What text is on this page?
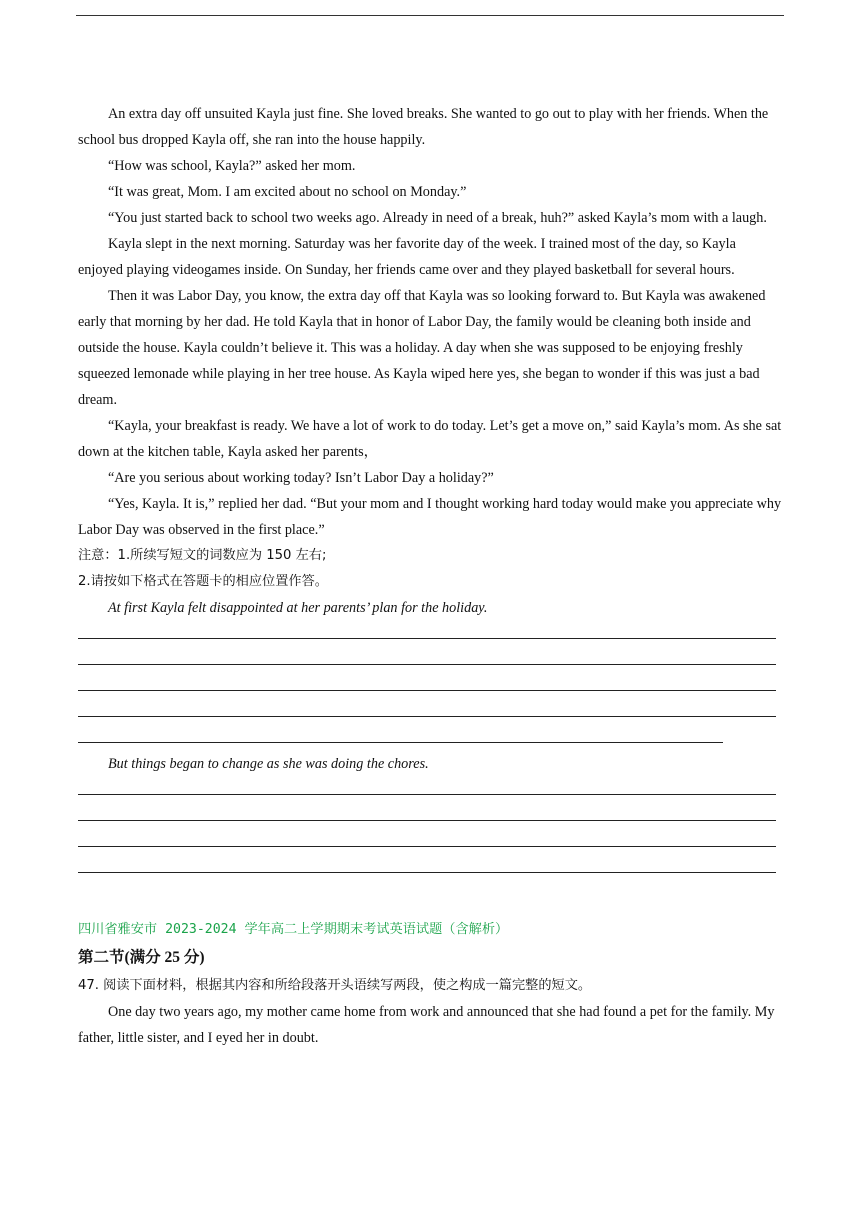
An extra day off unsuited Kayla just fine. She loved breaks. She wanted to go out to play with her friends. When the school bus dropped Kayla off, she ran into the house happily.

“How was school, Kayla?” asked her mom.

“It was great, Mom. I am excited about no school on Monday.”

“You just started back to school two weeks ago. Already in need of a break, huh?” asked Kayla’s mom with a laugh.

Kayla slept in the next morning. Saturday was her favorite day of the week. I trained most of the day, so Kayla enjoyed playing videogames inside. On Sunday, her friends came over and they played basketball for several hours.

Then it was Labor Day, you know, the extra day off that Kayla was so looking forward to. But Kayla was awakened early that morning by her dad. He told Kayla that in honor of Labor Day, the family would be cleaning both inside and outside the house. Kayla couldn’t believe it. This was a holiday. A day when she was supposed to be enjoying freshly squeezed lemonade while playing in her tree house. As Kayla wiped here yes, she began to wonder if this was just a bad dream.

“Kayla, your breakfast is ready. We have a lot of work to do today. Let’s get a move on,” said Kayla’s mom. As she sat down at the kitchen table, Kayla asked her parents，

“Are you serious about working today? Isn’t Labor Day a holiday?”

“Yes, Kayla. It is,” replied her dad. “But your mom and I thought working hard today would make you appreciate why Labor Day was observed in the first place.”

注意：1.所续写短文的词数应为 150 左右;

2.请按如下格式在答题卡的相应位置作答。

At first Kayla felt disappointed at her parents’ plan for the holiday.

But things began to change as she was doing the chores.

四川省雅安市 2023-2024 学年高二上学期期末考试英语试题（含解析）

第二节(满分 25 分)

47. 阅读下面材料，根据其内容和所给段落开头语续写两段，使之构成一篇完整的短文。

One day two years ago, my mother came home from work and announced that she had found a pet for the family. My father, little sister, and I eyed her in doubt.
